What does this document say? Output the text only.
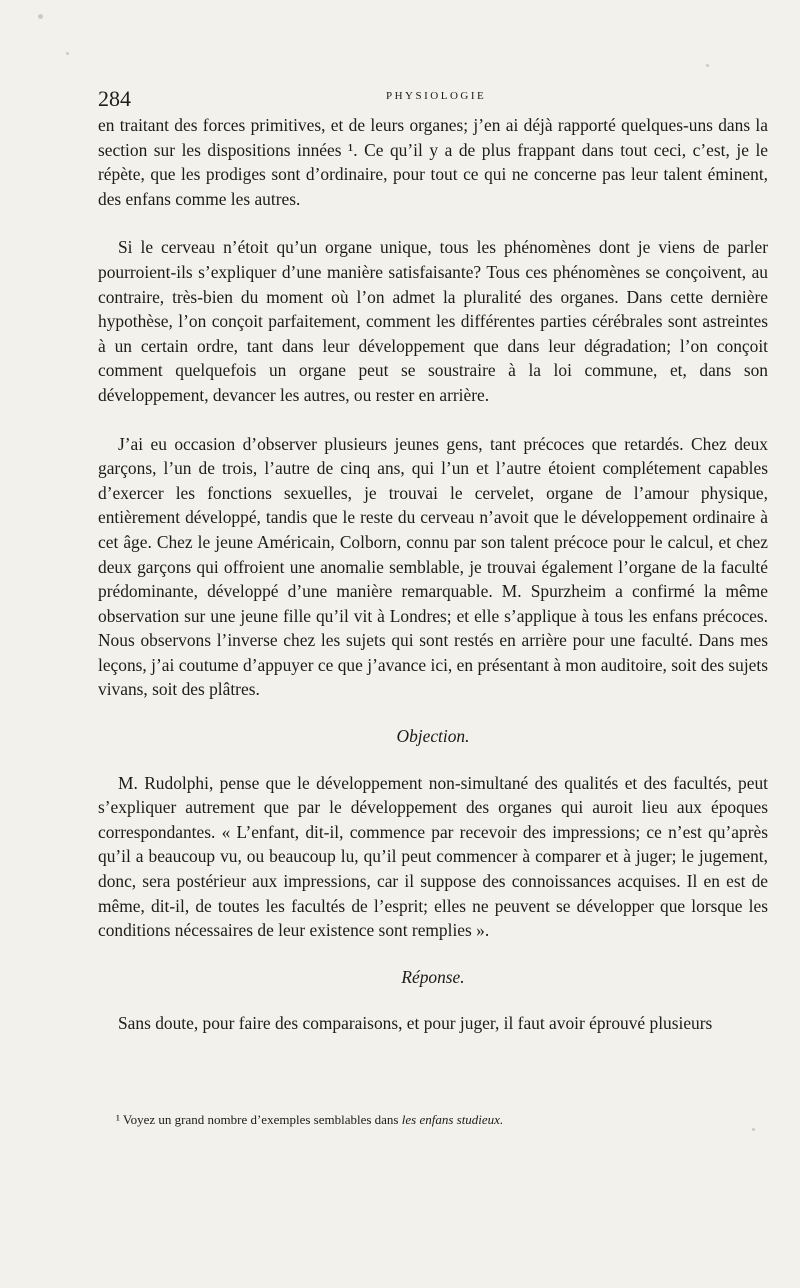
284	PHYSIOLOGIE

en traitant des forces primitives, et de leurs organes; j’en ai déjà rapporté quelques-uns dans la section sur les dispositions innées ¹. Ce qu’il y a de plus frappant dans tout ceci, c’est, je le répète, que les prodiges sont d’ordinaire, pour tout ce qui ne concerne pas leur talent éminent, des enfans comme les autres.

Si le cerveau n’étoit qu’un organe unique, tous les phénomènes dont je viens de parler pourroient-ils s’expliquer d’une manière satisfaisante? Tous ces phénomènes se conçoivent, au contraire, très-bien du moment où l’on admet la pluralité des organes. Dans cette dernière hypothèse, l’on conçoit parfaitement, comment les différentes parties cérébrales sont astreintes à un certain ordre, tant dans leur développement que dans leur dégradation; l’on conçoit comment quelquefois un organe peut se soustraire à la loi commune, et, dans son développement, devancer les autres, ou rester en arrière.

J’ai eu occasion d’observer plusieurs jeunes gens, tant précoces que retardés. Chez deux garçons, l’un de trois, l’autre de cinq ans, qui l’un et l’autre étoient complétement capables d’exercer les fonctions sexuelles, je trouvai le cervelet, organe de l’amour physique, entièrement développé, tandis que le reste du cerveau n’avoit que le développement ordinaire à cet âge. Chez le jeune Américain, Colborn, connu par son talent précoce pour le calcul, et chez deux garçons qui offroient une anomalie semblable, je trouvai également l’organe de la faculté prédominante, développé d’une manière remarquable. M. Spurzheim a confirmé la même observation sur une jeune fille qu’il vit à Londres; et elle s’applique à tous les enfans précoces. Nous observons l’inverse chez les sujets qui sont restés en arrière pour une faculté. Dans mes leçons, j’ai coutume d’appuyer ce que j’avance ici, en présentant à mon auditoire, soit des sujets vivans, soit des plâtres.

Objection.

M. Rudolphi, pense que le développement non-simultané des qualités et des facultés, peut s’expliquer autrement que par le développement des organes qui auroit lieu aux époques correspondantes. « L’enfant, dit-il, commence par recevoir des impressions; ce n’est qu’après qu’il a beaucoup vu, ou beaucoup lu, qu’il peut commencer à comparer et à juger; le jugement, donc, sera postérieur aux impressions, car il suppose des connoissances acquises. Il en est de même, dit-il, de toutes les facultés de l’esprit; elles ne peuvent se développer que lorsque les conditions nécessaires de leur existence sont remplies ».

Réponse.

Sans doute, pour faire des comparaisons, et pour juger, il faut avoir éprouvé plusieurs

¹ Voyez un grand nombre d’exemples semblables dans les enfans studieux.
